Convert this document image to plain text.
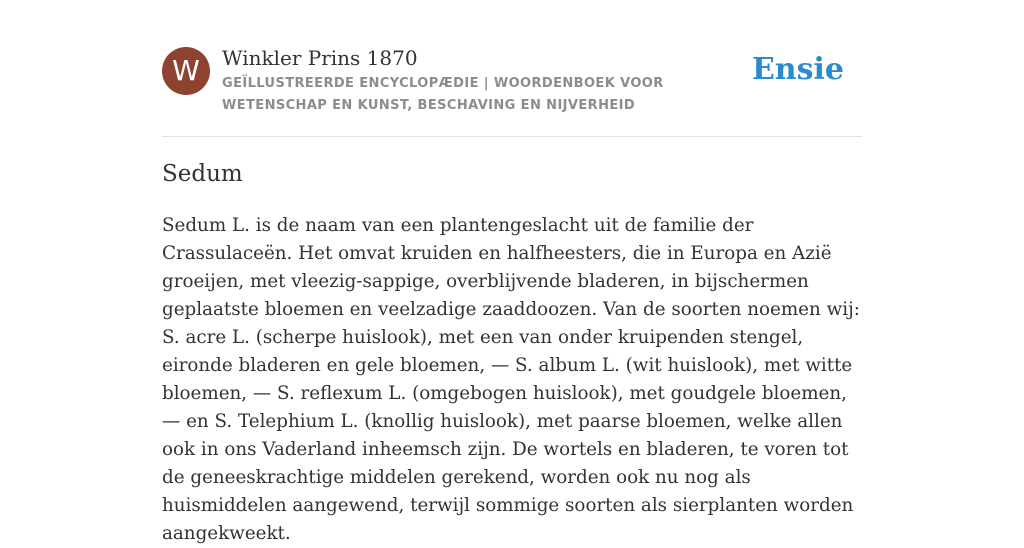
W	Winkler Prins 1870
GEÏLLUSTREERDE ENCYCLOPÆDIE | WOORDENBOEK VOOR WETENSCHAP EN KUNST, BESCHAVING EN NIJVERHEID
Ensie
Sedum

Sedum L. is de naam van een plantengeslacht uit de familie der Crassulaceën. Het omvat kruiden en halfheesters, die in Europa en Azië groeijen, met vleezig-sappige, overblijvende bladeren, in bijschermen geplaatste bloemen en veelzadige zaaddoozen. Van de soorten noemen wij: S. acre L. (scherpe huislook), met een van onder kruipenden stengel, eironde bladeren en gele bloemen, — S. album L. (wit huislook), met witte bloemen, — S. reflexum L. (omgebogen huislook), met goudgele bloemen, — en S. Telephium L. (knollig huislook), met paarse bloemen, welke allen ook in ons Vaderland inheemsch zijn. De wortels en bladeren, te voren tot de geneeskrachtige middelen gerekend, worden ook nu nog als huismiddelen aangewend, terwijl sommige soorten als sierplanten worden aangekweekt.
